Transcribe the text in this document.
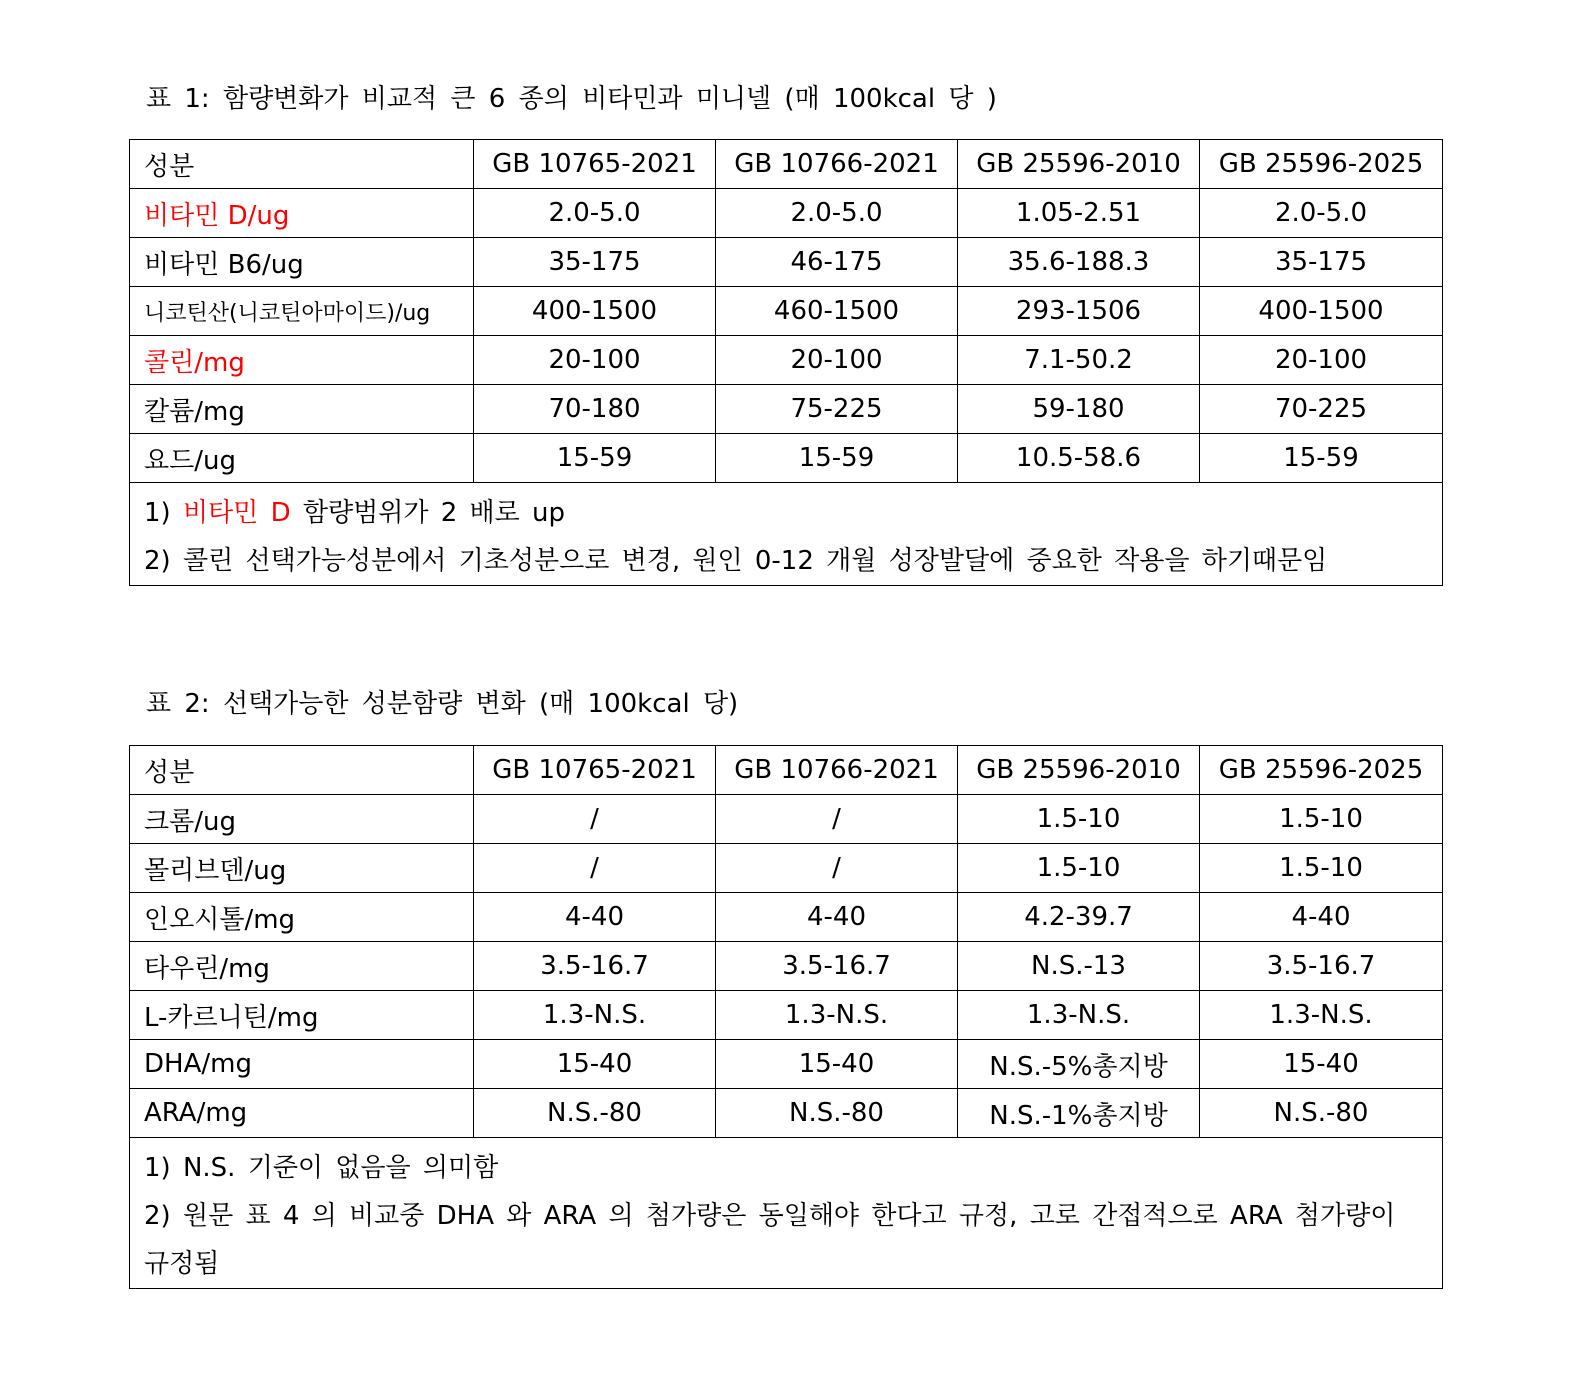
표 1: 함량변화가 비교적 큰 6 종의 비타민과 미니넬 (매 100kcal 당 )
성분	GB 10765-2021	GB 10766-2021	GB 25596-2010	GB 25596-2025
비타민 D/ug	2.0-5.0	2.0-5.0	1.05-2.51	2.0-5.0
비타민 B6/ug	35-175	46-175	35.6-188.3	35-175
니코틴산(니코틴아마이드)/ug	400-1500	460-1500	293-1506	400-1500
콜린/mg	20-100	20-100	7.1-50.2	20-100
칼륨/mg	70-180	75-225	59-180	70-225
요드/ug	15-59	15-59	10.5-58.6	15-59

1) 비타민 D 함량범위가 2 배로 up
2) 콜린 선택가능성분에서 기초성분으로 변경, 원인 0-12 개월 성장발달에 중요한 작용을 하기때문임				
표 2: 선택가능한 성분함량 변화 (매 100kcal 당)
성분	GB 10765-2021	GB 10766-2021	GB 25596-2010	GB 25596-2025
크롬/ug	/	/	1.5-10	1.5-10
몰리브덴/ug	/	/	1.5-10	1.5-10
인오시톨/mg	4-40	4-40	4.2-39.7	4-40
타우린/mg	3.5-16.7	3.5-16.7	N.S.-13	3.5-16.7
L-카르니틴/mg	1.3-N.S.	1.3-N.S.	1.3-N.S.	1.3-N.S.
DHA/mg	15-40	15-40	N.S.-5%총지방	15-40
ARA/mg	N.S.-80	N.S.-80	N.S.-1%총지방	N.S.-80

1) N.S. 기준이 없음을 의미함
2) 원문 표 4 의 비교중 DHA 와 ARA 의 첨가량은 동일해야 한다고 규정, 고로 간접적으로 ARA 첨가량이 규정됨				
